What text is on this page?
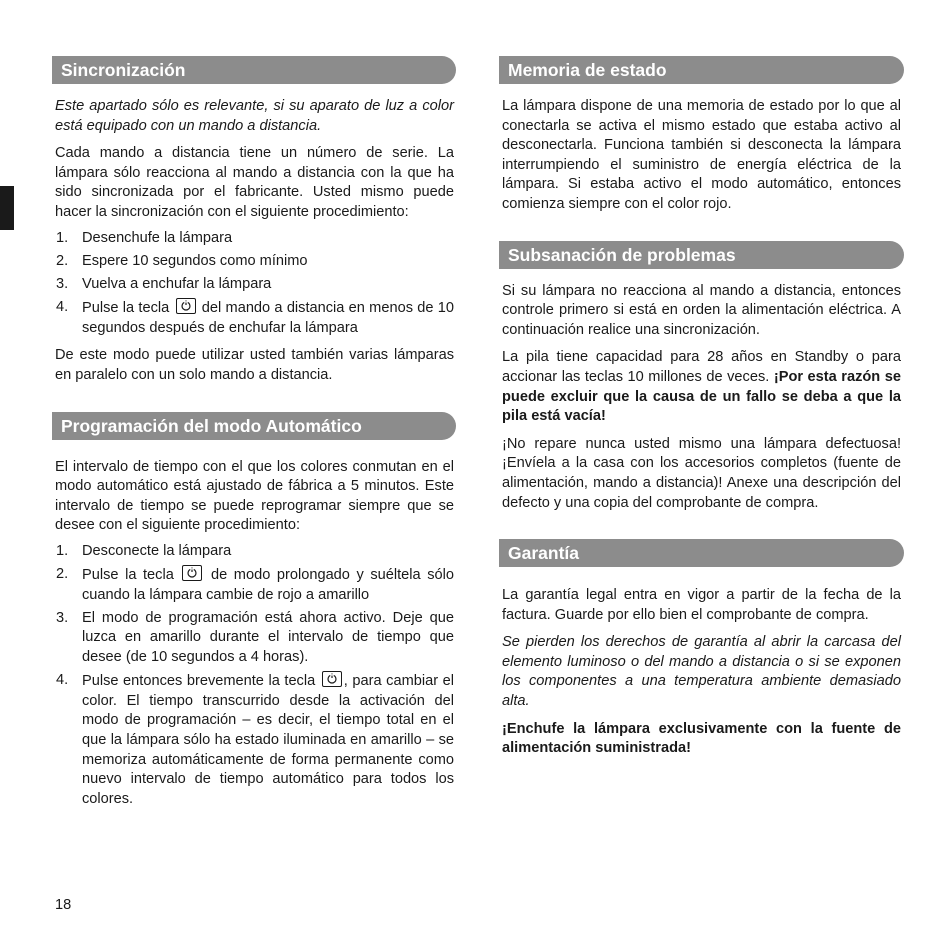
Sincronización

Este apartado sólo es relevante, si su aparato de luz a color está equipado con un mando a distancia.

Cada mando a distancia tiene un número de serie. La lámpara sólo reacciona al mando a distancia con la que ha sido sincronizada por el fabricante. Usted mismo puede hacer la sincronización con el siguiente procedimiento:

1. Desenchufe la lámpara
2. Espere 10 segundos como mínimo
3. Vuelva a enchufar la lámpara
4. Pulse la tecla del mando a distancia en menos de 10 segundos después de enchufar la lámpara

De este modo puede utilizar usted también varias lámparas en paralelo con un solo mando a distancia.

Programación del modo Automático

El intervalo de tiempo con el que los colores conmutan en el modo automático está ajustado de fábrica a 5 minutos. Este intervalo de tiempo se puede reprogramar siempre que se desee con el siguiente procedimiento:

1. Desconecte la lámpara
2. Pulse la tecla	de modo prolongado y suéltela sólo cuando la lámpara cambie de rojo a amarillo
3. El modo de programación está ahora activo. Deje que luzca en amarillo durante el intervalo de tiempo que desee (de 10 segundos a 4 horas).
4. Pulse entonces brevemente la tecla , para cambiar el color. El tiempo transcurrido desde la activación del modo de programación – es decir, el tiempo total en el que la lámpara sólo ha estado iluminada en amarillo – se memoriza automáticamente de forma permanente como nuevo intervalo de tiempo automático para todos los colores.
Memoria de estado

La lámpara dispone de una memoria de estado por lo que al conectarla se activa el mismo estado que estaba activo al desconectarla. Funciona también si desconecta la lámpara interrumpiendo el suministro de energía eléctrica de la lámpara. Si estaba activo el modo automático, entonces comienza siempre con el color rojo.

Subsanación de problemas

Si su lámpara no reacciona al mando a distancia, entonces controle primero si está en orden la alimentación eléctrica. A continuación realice una sincronización.

La pila tiene capacidad para 28 años en Standby o para accionar las teclas 10 millones de veces. ¡Por esta razón se puede excluir que la causa de un fallo se deba a que la pila está vacía!

¡No repare nunca usted mismo una lámpara defectuosa! ¡Envíela a la casa con los accesorios completos (fuente de alimentación, mando a distancia)! Anexe una descripción del defecto y una copia del comprobante de compra.

Garantía

La garantía legal entra en vigor a partir de la fecha de la factura. Guarde por ello bien el comprobante de compra.

Se pierden los derechos de garantía al abrir la carcasa del elemento luminoso o del mando a distancia o si se exponen los componentes a una temperatura ambiente demasiado alta.

¡Enchufe la lámpara exclusivamente con la fuente de alimentación suministrada!

18
